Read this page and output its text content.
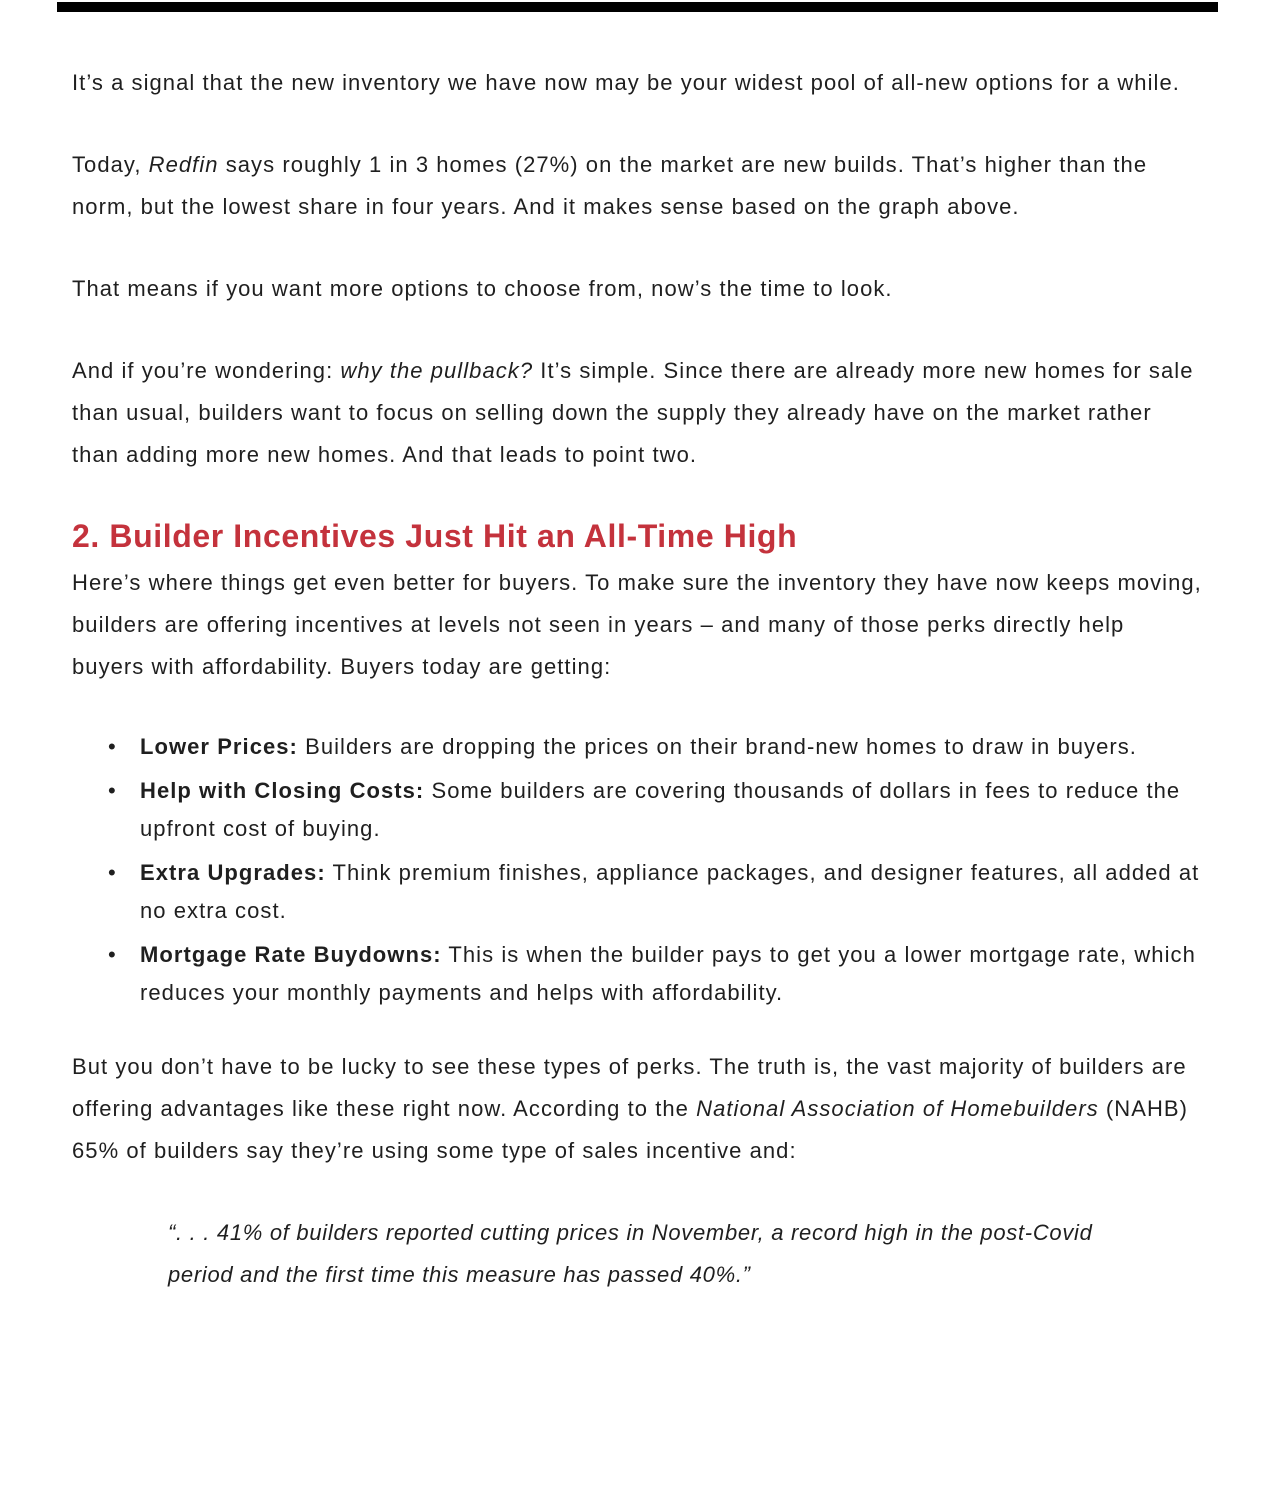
It’s a signal that the new inventory we have now may be your widest pool of all-new options for a while.

Today, Redfin says roughly 1 in 3 homes (27%) on the market are new builds. That’s higher than the norm, but the lowest share in four years. And it makes sense based on the graph above.

That means if you want more options to choose from, now’s the time to look.

And if you’re wondering: why the pullback? It’s simple. Since there are already more new homes for sale than usual, builders want to focus on selling down the supply they already have on the market rather than adding more new homes. And that leads to point two.

2. Builder Incentives Just Hit an All-Time High

Here’s where things get even better for buyers. To make sure the inventory they have now keeps moving, builders are offering incentives at levels not seen in years – and many of those perks directly help buyers with affordability. Buyers today are getting:

• Lower Prices: Builders are dropping the prices on their brand-new homes to draw in buyers.
• Help with Closing Costs: Some builders are covering thousands of dollars in fees to reduce the upfront cost of buying.
• Extra Upgrades: Think premium finishes, appliance packages, and designer features, all added at no extra cost.
• Mortgage Rate Buydowns: This is when the builder pays to get you a lower mortgage rate, which reduces your monthly payments and helps with affordability.

But you don’t have to be lucky to see these types of perks. The truth is, the vast majority of builders are offering advantages like these right now. According to the National Association of Homebuilders (NAHB) 65% of builders say they’re using some type of sales incentive and:

“. . . 41% of builders reported cutting prices in November, a record high in the post-Covid period and the first time this measure has passed 40%.”
